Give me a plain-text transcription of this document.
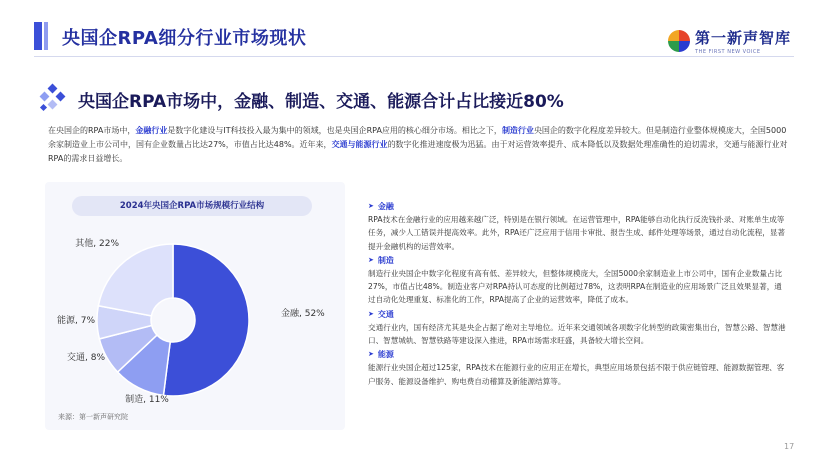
央国企RPA细分行业市场现状	第一新声智库
THE FIRST NEW VOICE
央国企RPA市场中，金融、制造、交通、能源合计占比接近80%
在央国企的RPA市场中，金融行业是数字化建设与IT科技投入最为集中的领域，也是央国企RPA应用的核心细分市场。相比之下，制造行业央国企的数字化程度差异较大。但是制造行业整体规模庞大，全国5000余家制造业上市公司中，国有企业数量占比达27%，市值占比达48%。近年来，交通与能源行业的数字化推进速度极为迅猛。由于对运营效率提升、成本降低以及数据处理准确性的迫切需求，交通与能源行业对RPA的需求日益增长。
2024年央国企RPA市场规模行业结构
金融, 52%
制造, 11%
交通, 8%
能源, 7%
其他, 22%
来源：第一新声研究院
➤ 金融
RPA技术在金融行业的应用越来越广泛，特别是在银行领域。在运营管理中，RPA能够自动化执行反洗钱扑录、对账单生成等任务，减少人工错误并提高效率。此外，RPA还广泛应用于信用卡审批、报告生成、邮件处理等场景，通过自动化流程，显著提升金融机构的运营效率。
➤ 制造
制造行业央国企中数字化程度有高有低、差异较大，但整体规模庞大，全国5000余家制造业上市公司中，国有企业数量占比27%，市值占比48%。制造业客户对RPA持认可态度的比例超过78%，这表明RPA在制造业的应用场景广泛且效果显著，通过自动化处理重复、标准化的工作，RPA提高了企业的运营效率，降低了成本。
➤ 交通
交通行业内，国有经济尤其是央企占据了绝对主导地位。近年来交通领域各项数字化转型的政策密集出台，智慧公路、智慧港口、智慧城轨、智慧铁路等建设深入推进，RPA市场需求旺盛，具备较大增长空间。
➤ 能源
能源行业央国企超过125家，RPA技术在能源行业的应用正在增长，典型应用场景包括不限于供应链管理、能源数据管理、客户服务、能源设备维护、购电费自动稽算及新能源结算等。
17
